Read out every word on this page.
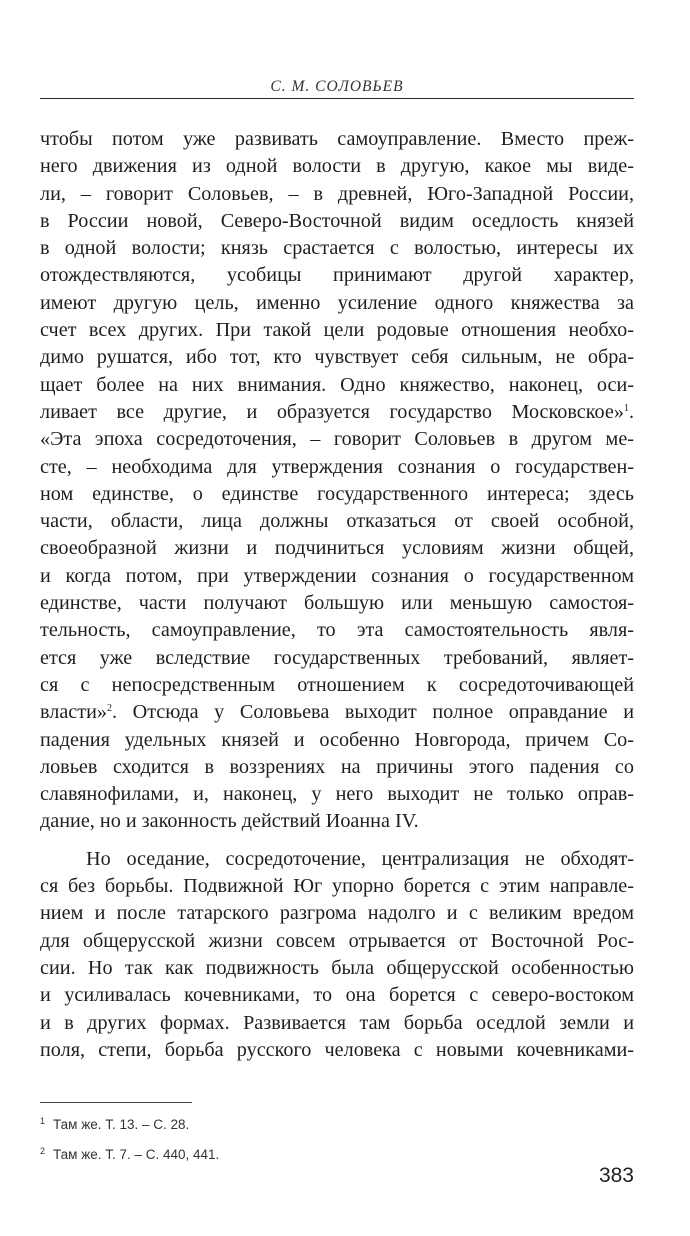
С. М. СОЛОВЬЕВ
чтобы потом уже развивать самоуправление. Вместо преж-
него движения из одной волости в другую, какое мы виде-
ли, – говорит Соловьев, – в древней, Юго-Западной России,
в России новой, Северо-Восточной видим оседлость князей
в одной волости; князь срастается с волостью, интересы их
отождествляются, усобицы принимают другой характер,
имеют другую цель, именно усиление одного княжества за
счет всех других. При такой цели родовые отношения необхо-
димо рушатся, ибо тот, кто чувствует себя сильным, не обра-
щает более на них внимания. Одно княжество, наконец, оси-
ливает все другие, и образуется государство Московское»$^1$.
«Эта эпоха сосредоточения, – говорит Соловьев в другом ме-
сте, – необходима для утверждения сознания о государствен-
ном единстве, о единстве государственного интереса; здесь
части, области, лица должны отказаться от своей особной,
своеобразной жизни и подчиниться условиям жизни общей,
и когда потом, при утверждении сознания о государственном
единстве, части получают большую или меньшую самостоя-
тельность, самоуправление, то эта самостоятельность явля-
ется уже вследствие государственных требований, являет-
ся с непосредственным отношением к сосредоточивающей
власти»$^2$. Отсюда у Соловьева выходит полное оправдание и
падения удельных князей и особенно Новгорода, причем Со-
ловьев сходится в воззрениях на причины этого падения со
славянофилами, и, наконец, у него выходит не только оправ-
дание, но и законность действий Иоанна IV.
Но оседание, сосредоточение, централизация не обходят-
ся без борьбы. Подвижной Юг упорно борется с этим направле-
нием и после татарского разгрома надолго и с великим вредом
для общерусской жизни совсем отрывается от Восточной Рос-
сии. Но так как подвижность была общерусской особенностью
и усиливалась кочевниками, то она борется с северо-востоком
и в других формах. Развивается там борьба оседлой земли и
поля, степи, борьба русского человека с новыми кочевниками-
$^1$ Там же. Т. 13. – С. 28.
$^2$ Там же. Т. 7. – С. 440, 441.
383
